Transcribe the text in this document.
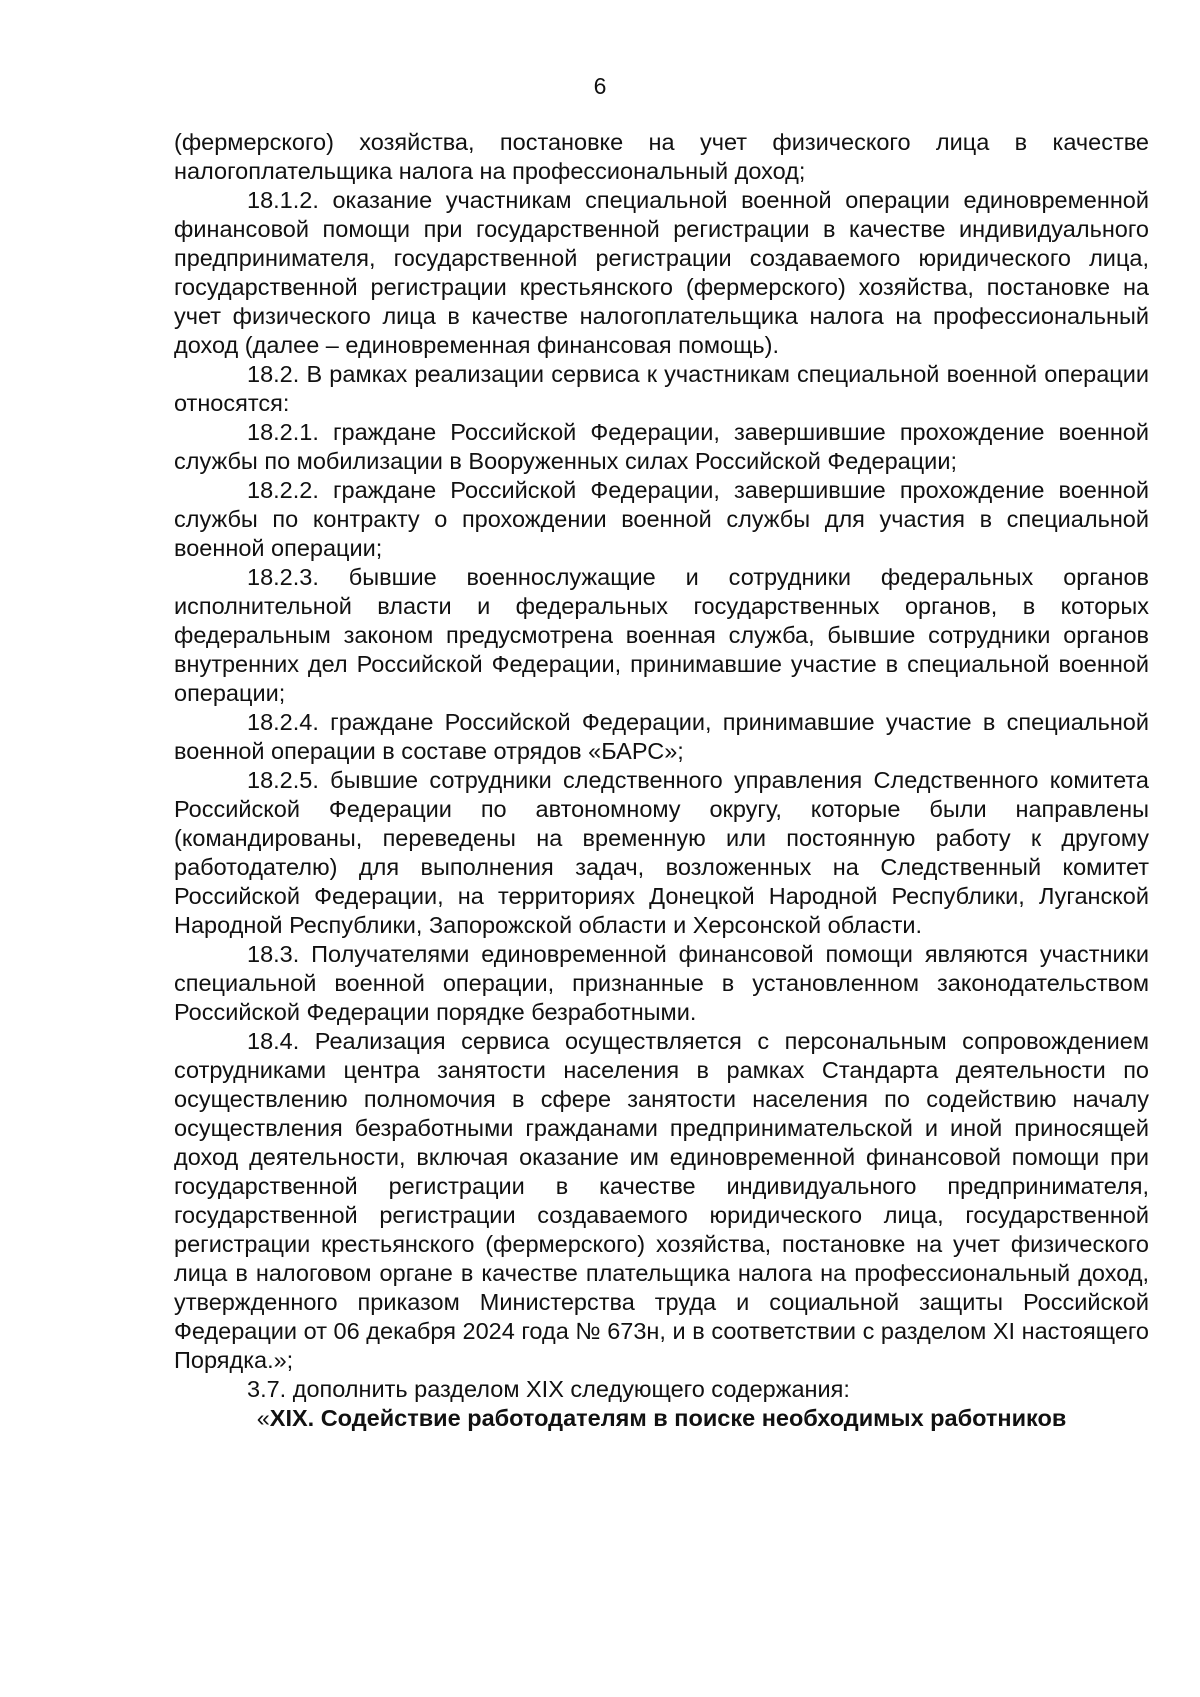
6

(фермерского) хозяйства, постановке на учет физического лица в качестве налогоплательщика налога на профессиональный доход;

18.1.2. оказание участникам специальной военной операции единовременной финансовой помощи при государственной регистрации в качестве индивидуального предпринимателя, государственной регистрации создаваемого юридического лица, государственной регистрации крестьянского (фермерского) хозяйства, постановке на учет физического лица в качестве налогоплательщика налога на профессиональный доход (далее – единовременная финансовая помощь).

18.2. В рамках реализации сервиса к участникам специальной военной операции относятся:

18.2.1. граждане Российской Федерации, завершившие прохождение военной службы по мобилизации в Вооруженных силах Российской Федерации;

18.2.2. граждане Российской Федерации, завершившие прохождение военной службы по контракту о прохождении военной службы для участия в специальной военной операции;

18.2.3. бывшие военнослужащие и сотрудники федеральных органов исполнительной власти и федеральных государственных органов, в которых федеральным законом предусмотрена военная служба, бывшие сотрудники органов внутренних дел Российской Федерации, принимавшие участие в специальной военной операции;

18.2.4. граждане Российской Федерации, принимавшие участие в специальной военной операции в составе отрядов «БАРС»;

18.2.5. бывшие сотрудники следственного управления Следственного комитета Российской Федерации по автономному округу, которые были направлены (командированы, переведены на временную или постоянную работу к другому работодателю) для выполнения задач, возложенных на Следственный комитет Российской Федерации, на территориях Донецкой Народной Республики, Луганской Народной Республики, Запорожской области и Херсонской области.

18.3. Получателями единовременной финансовой помощи являются участники специальной военной операции, признанные в установленном законодательством Российской Федерации порядке безработными.

18.4. Реализация сервиса осуществляется с персональным сопровождением сотрудниками центра занятости населения в рамках Стандарта деятельности по осуществлению полномочия в сфере занятости населения по содействию началу осуществления безработными гражданами предпринимательской и иной приносящей доход деятельности, включая оказание им единовременной финансовой помощи при государственной регистрации в качестве индивидуального предпринимателя, государственной регистрации создаваемого юридического лица, государственной регистрации крестьянского (фермерского) хозяйства, постановке на учет физического лица в налоговом органе в качестве плательщика налога на профессиональный доход, утвержденного приказом Министерства труда и социальной защиты Российской Федерации от 06 декабря 2024 года № 673н, и в соответствии с разделом XI настоящего Порядка.»;

3.7. дополнить разделом XIX следующего содержания:

«XIX. Содействие работодателям в поиске необходимых работников
